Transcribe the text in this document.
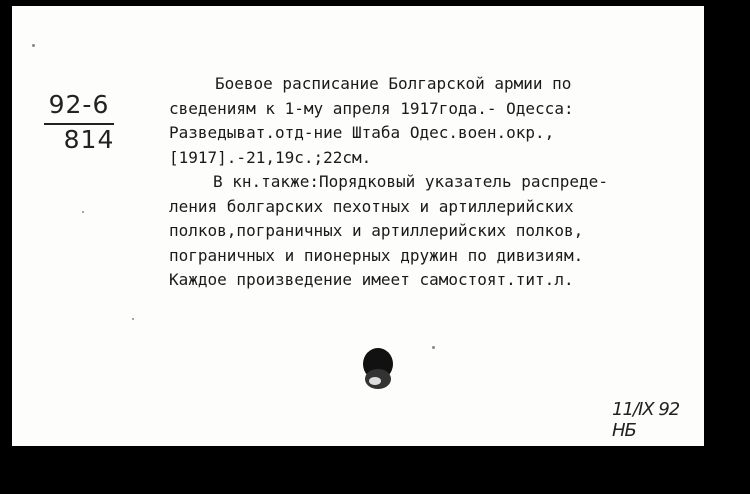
92-6
814
Боевое расписание Болгарской армии по
сведениям к 1-му апреля 1917года.- Одесса:
Разведыват.отд-ние Штаба Одес.воен.окр.,
[1917].-21,19с.;22см.
В кн.также:Порядковый указатель распреде-
ления болгарских пехотных и артиллерийских
полков,пограничных и артиллерийских полков,
пограничных и пионерных дружин по дивизиям.
Каждое произведение имеет самостоят.тит.л.
11/IX 92 НБ
